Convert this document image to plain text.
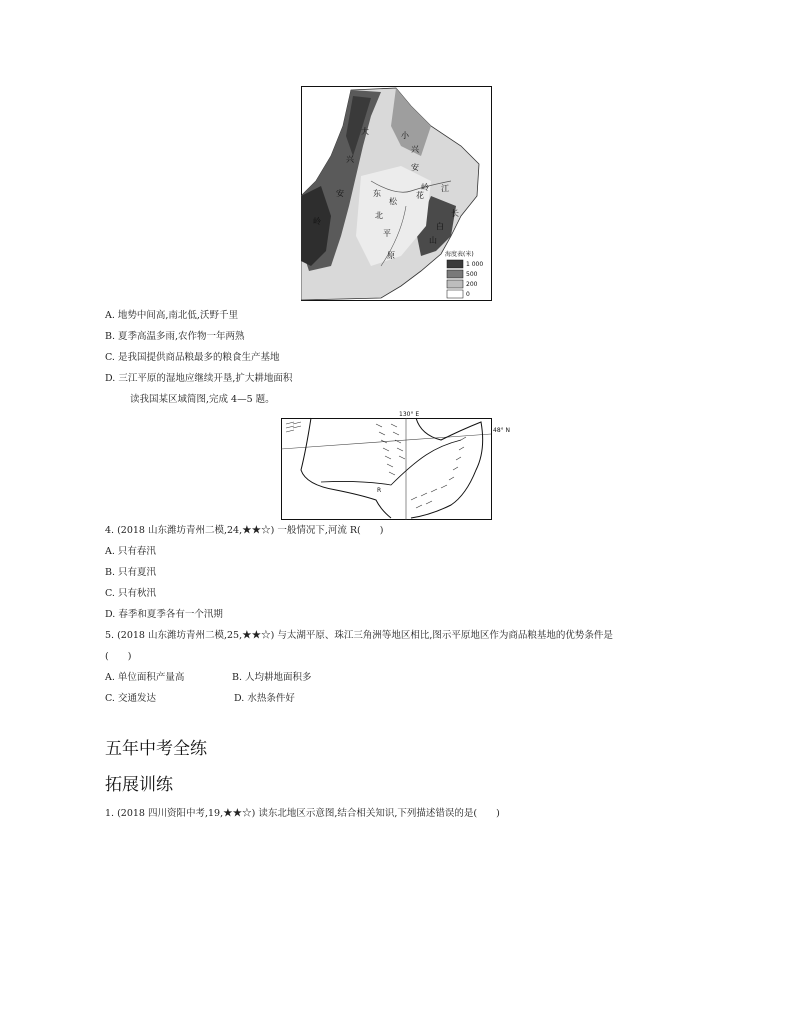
大
兴
安
岭
小
兴
安
岭
东
北
平
原
松
花
江
长
白
山
海度表(米)
1 000
500
200
0
A. 地势中间高,南北低,沃野千里
B. 夏季高温多雨,农作物一年两熟
C. 是我国提供商品粮最多的粮食生产基地
D. 三江平原的湿地应继续开垦,扩大耕地面积
读我国某区域简图,完成 4—5 题。
130° E
48° N
R
4. (2018 山东潍坊青州二模,24,★★☆) 一般情况下,河流 R(　　)
A. 只有春汛
B. 只有夏汛
C. 只有秋汛
D. 春季和夏季各有一个汛期
5. (2018 山东潍坊青州二模,25,★★☆) 与太湖平原、珠江三角洲等地区相比,图示平原地区作为商品粮基地的优势条件是
(　　)
A. 单位面积产量高	B. 人均耕地面积多
C. 交通发达	D. 水热条件好
五年中考全练
拓展训练
1. (2018 四川资阳中考,19,★★☆) 读东北地区示意图,结合相关知识,下列描述错误的是(　　)
